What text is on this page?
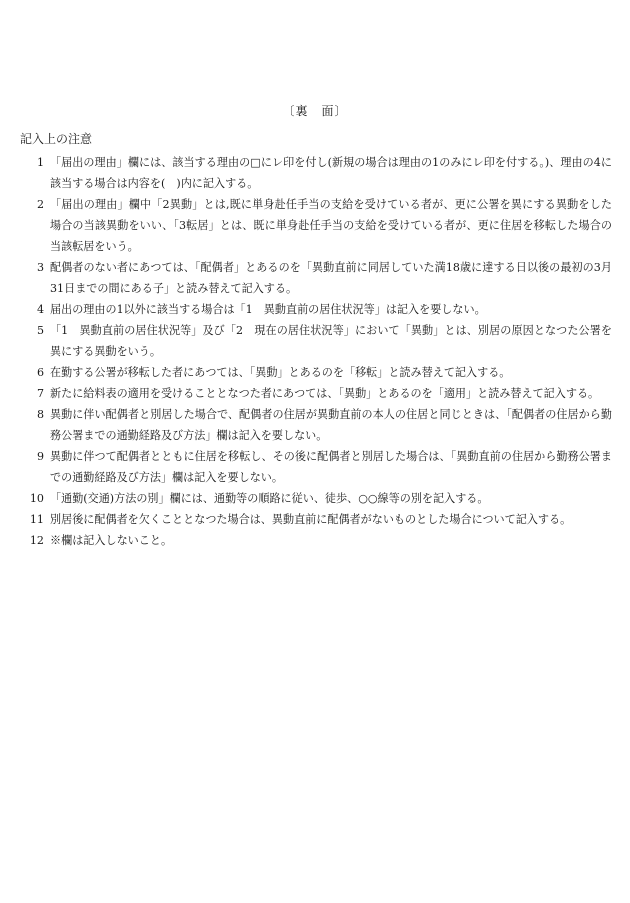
〔裏　面〕
記入上の注意
1 「届出の理由」欄には、該当する理由の□にレ印を付し(新規の場合は理由の1のみにレ印を付する。)、理由の4に該当する場合は内容を(　)内に記入する。
2 「届出の理由」欄中「2異動」とは,既に単身赴任手当の支給を受けている者が、更に公署を異にする異動をした場合の当該異動をいい、「3転居」とは、既に単身赴任手当の支給を受けている者が、更に住居を移転した場合の当該転居をいう。
3 配偶者のない者にあつては、「配偶者」とあるのを「異動直前に同居していた満18歳に達する日以後の最初の3月31日までの間にある子」と読み替えて記入する。
4 届出の理由の1以外に該当する場合は「1　異動直前の居住状況等」は記入を要しない。
5 「1　異動直前の居住状況等」及び「2　現在の居住状況等」において「異動」とは、別居の原因となつた公署を異にする異動をいう。
6 在勤する公署が移転した者にあつては、「異動」とあるのを「移転」と読み替えて記入する。
7 新たに給料表の適用を受けることとなつた者にあつては、「異動」とあるのを「適用」と読み替えて記入する。
8 異動に伴い配偶者と別居した場合で、配偶者の住居が異動直前の本人の住居と同じときは、「配偶者の住居から勤務公署までの通勤経路及び方法」欄は記入を要しない。
9 異動に伴つて配偶者とともに住居を移転し、その後に配偶者と別居した場合は、「異動直前の住居から勤務公署までの通勤経路及び方法」欄は記入を要しない。
10 「通勤(交通)方法の別」欄には、通勤等の順路に従い、徒歩、○○線等の別を記入する。
11 別居後に配偶者を欠くこととなつた場合は、異動直前に配偶者がないものとした場合について記入する。
12 ※欄は記入しないこと。
